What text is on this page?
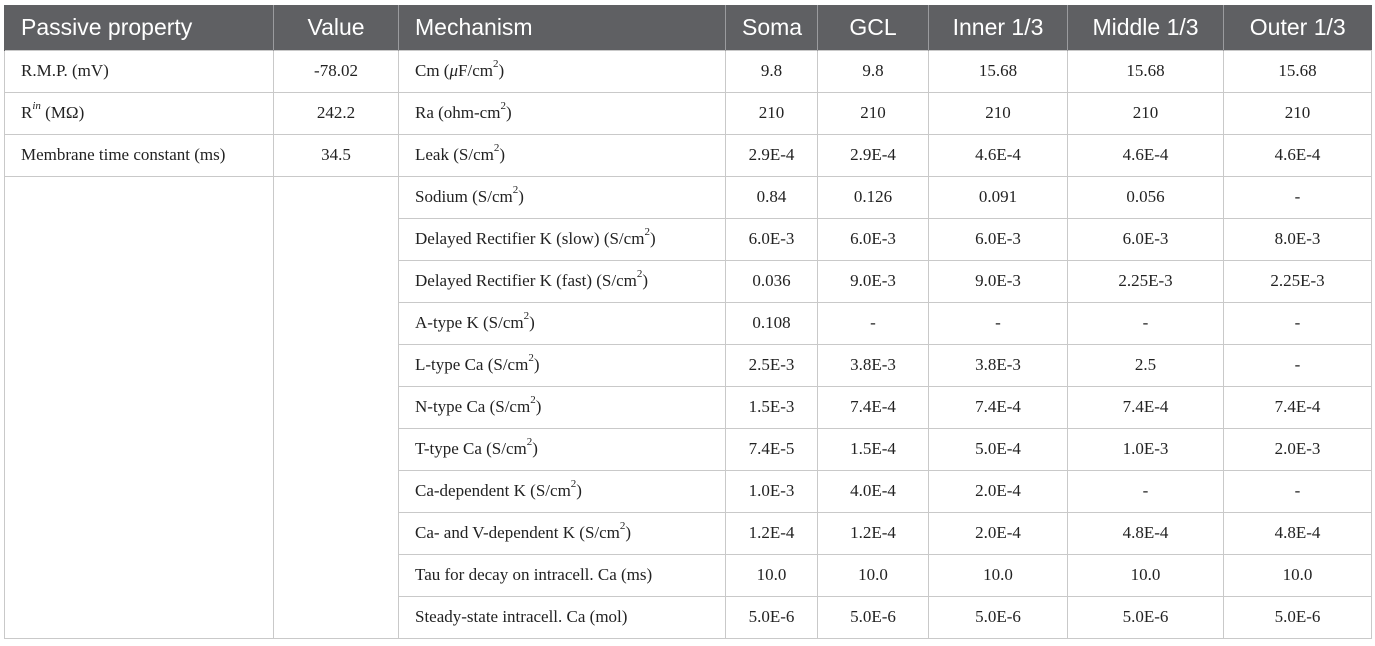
Passive property	Value	Mechanism	Soma	GCL	Inner 1/3	Middle 1/3	Outer 1/3
R.M.P. (mV)	-78.02	Cm $(\mu F/cm^2)$	9.8	9.8	15.68	15.68	15.68
$R^{in}$ (MΩ)	242.2	Ra $(ohm-cm^2)$	210	210	210	210	210
Membrane time constant (ms)	34.5	Leak $(S/cm^2)$	2.9E-4	2.9E-4	4.6E-4	4.6E-4	4.6E-4
		Sodium $(S/cm^2)$	0.84	0.126	0.091	0.056	-
		Delayed Rectifier K (slow) $(S/cm^2)$	6.0E-3	6.0E-3	6.0E-3	6.0E-3	8.0E-3
		Delayed Rectifier K (fast) $(S/cm^2)$	0.036	9.0E-3	9.0E-3	2.25E-3	2.25E-3
		A-type K $(S/cm^2)$	0.108	-	-	-	-
		L-type Ca $(S/cm^2)$	2.5E-3	3.8E-3	3.8E-3	2.5	-
		N-type Ca $(S/cm^2)$	1.5E-3	7.4E-4	7.4E-4	7.4E-4	7.4E-4
		T-type Ca $(S/cm^2)$	7.4E-5	1.5E-4	5.0E-4	1.0E-3	2.0E-3
		Ca-dependent K $(S/cm^2)$	1.0E-3	4.0E-4	2.0E-4	-	-
		Ca- and V-dependent K $(S/cm^2)$	1.2E-4	1.2E-4	2.0E-4	4.8E-4	4.8E-4
		Tau for decay on intracell. Ca (ms)	10.0	10.0	10.0	10.0	10.0
		Steady-state intracell. Ca (mol)	5.0E-6	5.0E-6	5.0E-6	5.0E-6	5.0E-6
